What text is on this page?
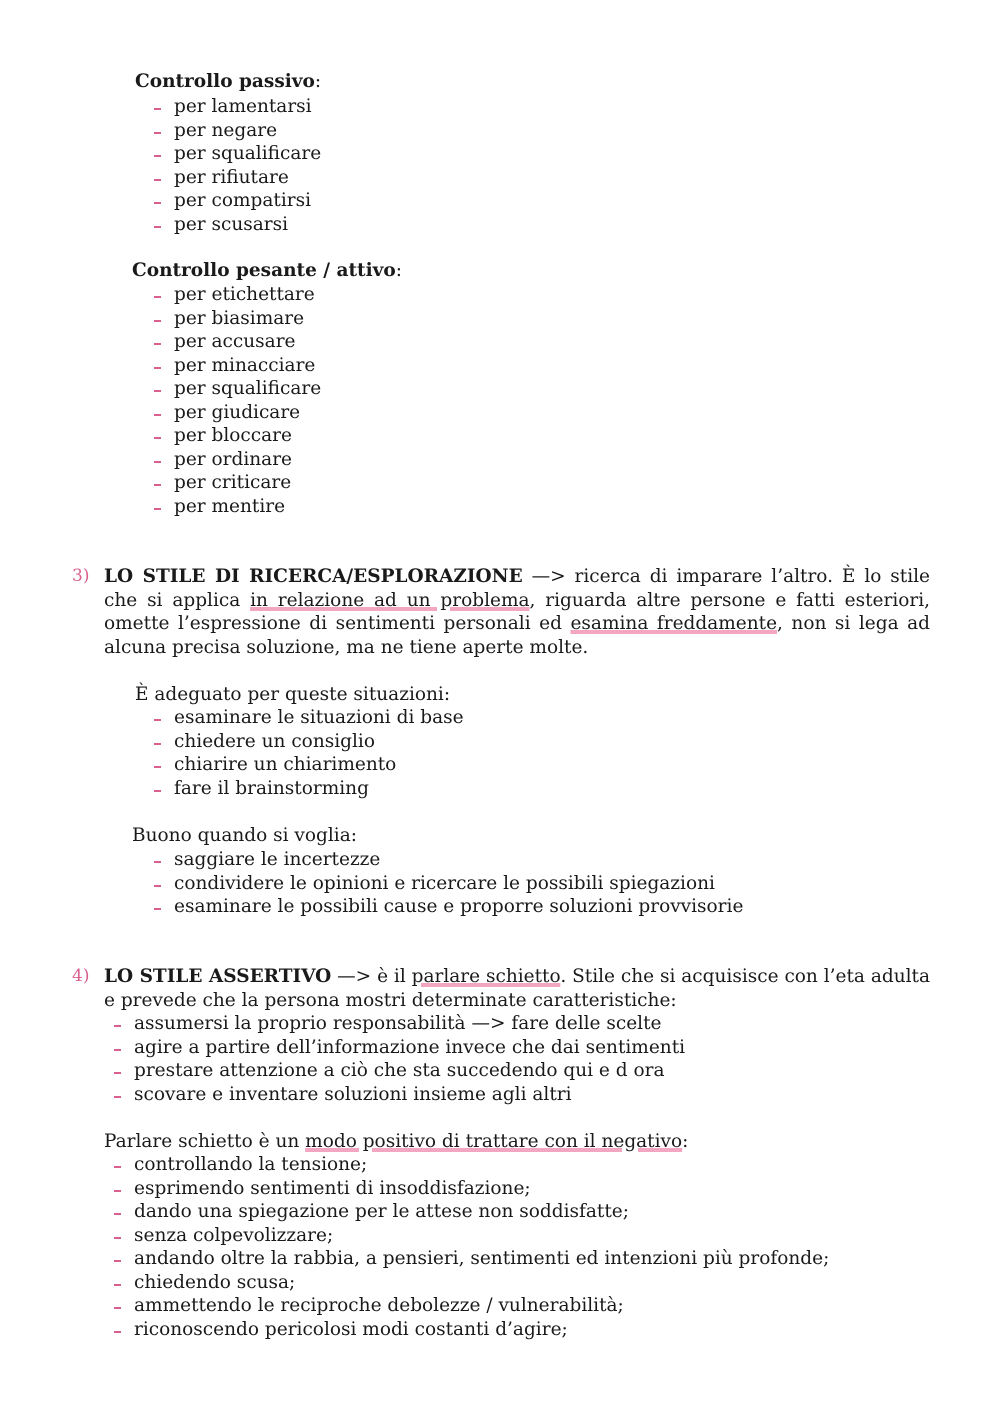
Controllo passivo:
per lamentarsi
per negare
per squalificare
per rifiutare
per compatirsi
per scusarsi
Controllo pesante / attivo:
per etichettare
per biasimare
per accusare
per minacciare
per squalificare
per giudicare
per bloccare
per ordinare
per criticare
per mentire
3) LO STILE DI RICERCA/ESPLORAZIONE —> ricerca di imparare l’altro. È lo stile che si applica in relazione ad un problema, riguarda altre persone e fatti esteriori, omette l’espressione di sentimenti personali ed esamina freddamente, non si lega ad alcuna precisa soluzione, ma ne tiene aperte molte.
È adeguato per queste situazioni:
esaminare le situazioni di base
chiedere un consiglio
chiarire un chiarimento
fare il brainstorming
Buono quando si voglia:
saggiare le incertezze
condividere le opinioni e ricercare le possibili spiegazioni
esaminare le possibili cause e proporre soluzioni provvisorie
4) LO STILE ASSERTIVO —> è il parlare schietto. Stile che si acquisisce con l’eta adulta e prevede che la persona mostri determinate caratteristiche:
assumersi la proprio responsabilità —> fare delle scelte
agire a partire dell’informazione invece che dai sentimenti
prestare attenzione a ciò che sta succedendo qui e d ora
scovare e inventare soluzioni insieme agli altri
Parlare schietto è un modo positivo di trattare con il negativo:
controllando la tensione;
esprimendo sentimenti di insoddisfazione;
dando una spiegazione per le attese non soddisfatte;
senza colpevolizzare;
andando oltre la rabbia, a pensieri, sentimenti ed intenzioni più profonde;
chiedendo scusa;
ammettendo le reciproche debolezze / vulnerabilità;
riconoscendo pericolosi modi costanti d’agire;
